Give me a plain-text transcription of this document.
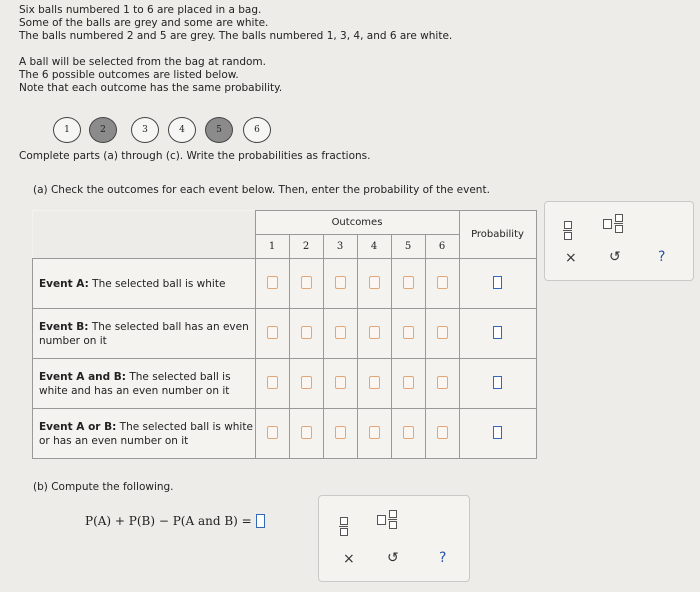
Six balls numbered 1 to 6 are placed in a bag.
Some of the balls are grey and some are white.
The balls numbered 2 and 5 are grey. The balls numbered 1, 3, 4, and 6 are white.
A ball will be selected from the bag at random.
The 6 possible outcomes are listed below.
Note that each outcome has the same probability.
1	2	3	4	5	6
Complete parts (a) through (c). Write the probabilities as fractions.
(a) Check the outcomes for each event below. Then, enter the probability of the event.
	Outcomes						Probability
	1	2	3	4	5	6	
Event A: The selected ball is white							
Event B: The selected ball has an even number on it							
Event A and B: The selected ball is white and has an even number on it							
Event A or B: The selected ball is white or has an even number on it							
× ↺	?
(b) Compute the following.
P(A) + P(B) − P(A and B) =
× ↺	?
